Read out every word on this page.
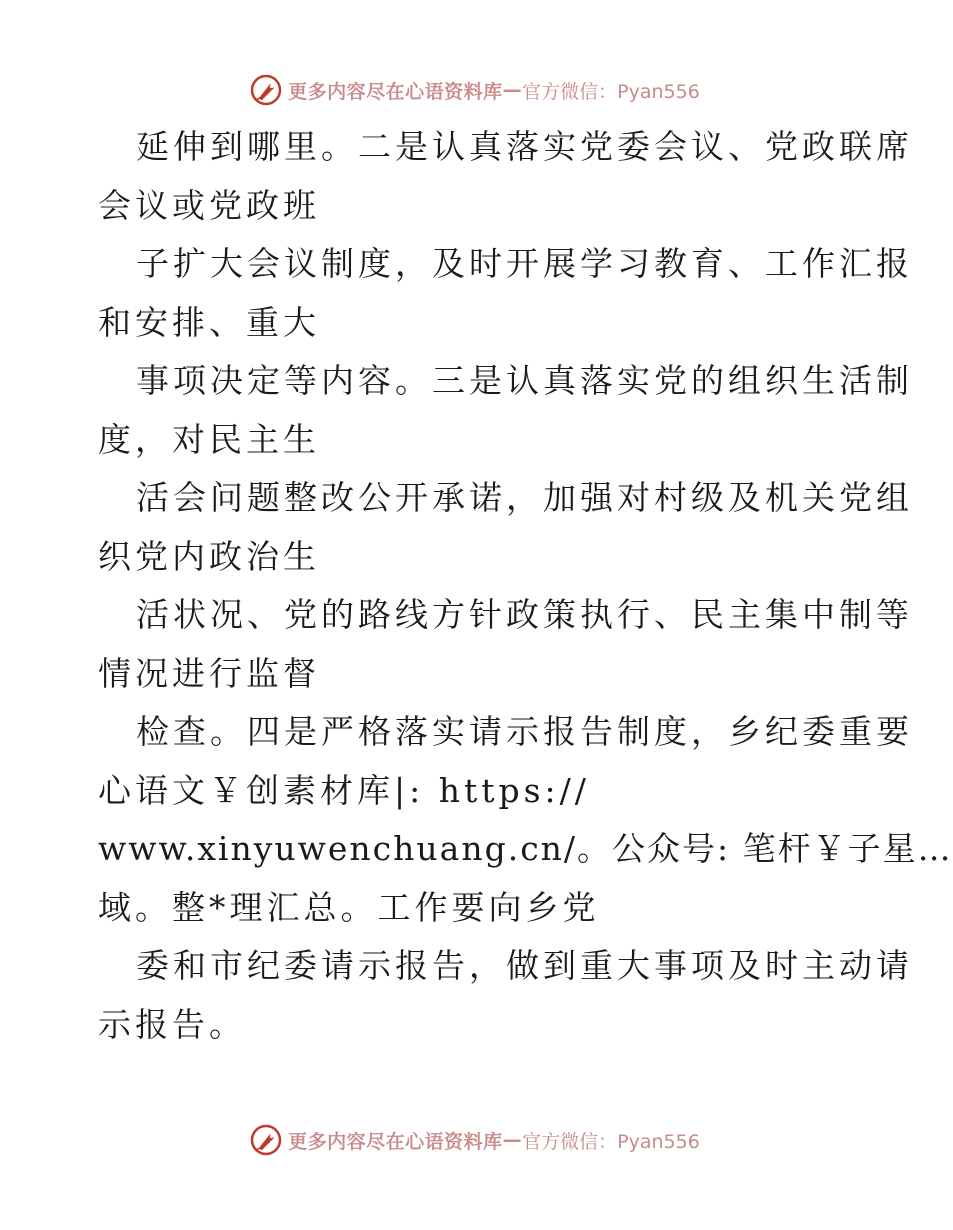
更多内容尽在心语资料库 — 官方微信：Pyan556
延伸到哪里。二是认真落实党委会议、党政联席
会议或党政班
子扩大会议制度，及时开展学习教育、工作汇报
和安排、重大
事项决定等内容。三是认真落实党的组织生活制
度，对民主生
活会问题整改公开承诺，加强对村级及机关党组
织党内政治生
活状况、党的路线方针政策执行、民主集中制等
情况进行监督
检查。四是严格落实请示报告制度，乡纪委重要
心语文￥创素材库|: https://
www.xinyuwenchuang.cn/。公众号: 笔杆￥子星…
域。整*理汇总。工作要向乡党
委和市纪委请示报告，做到重大事项及时主动请
示报告。
更多内容尽在心语资料库 — 官方微信：Pyan556
